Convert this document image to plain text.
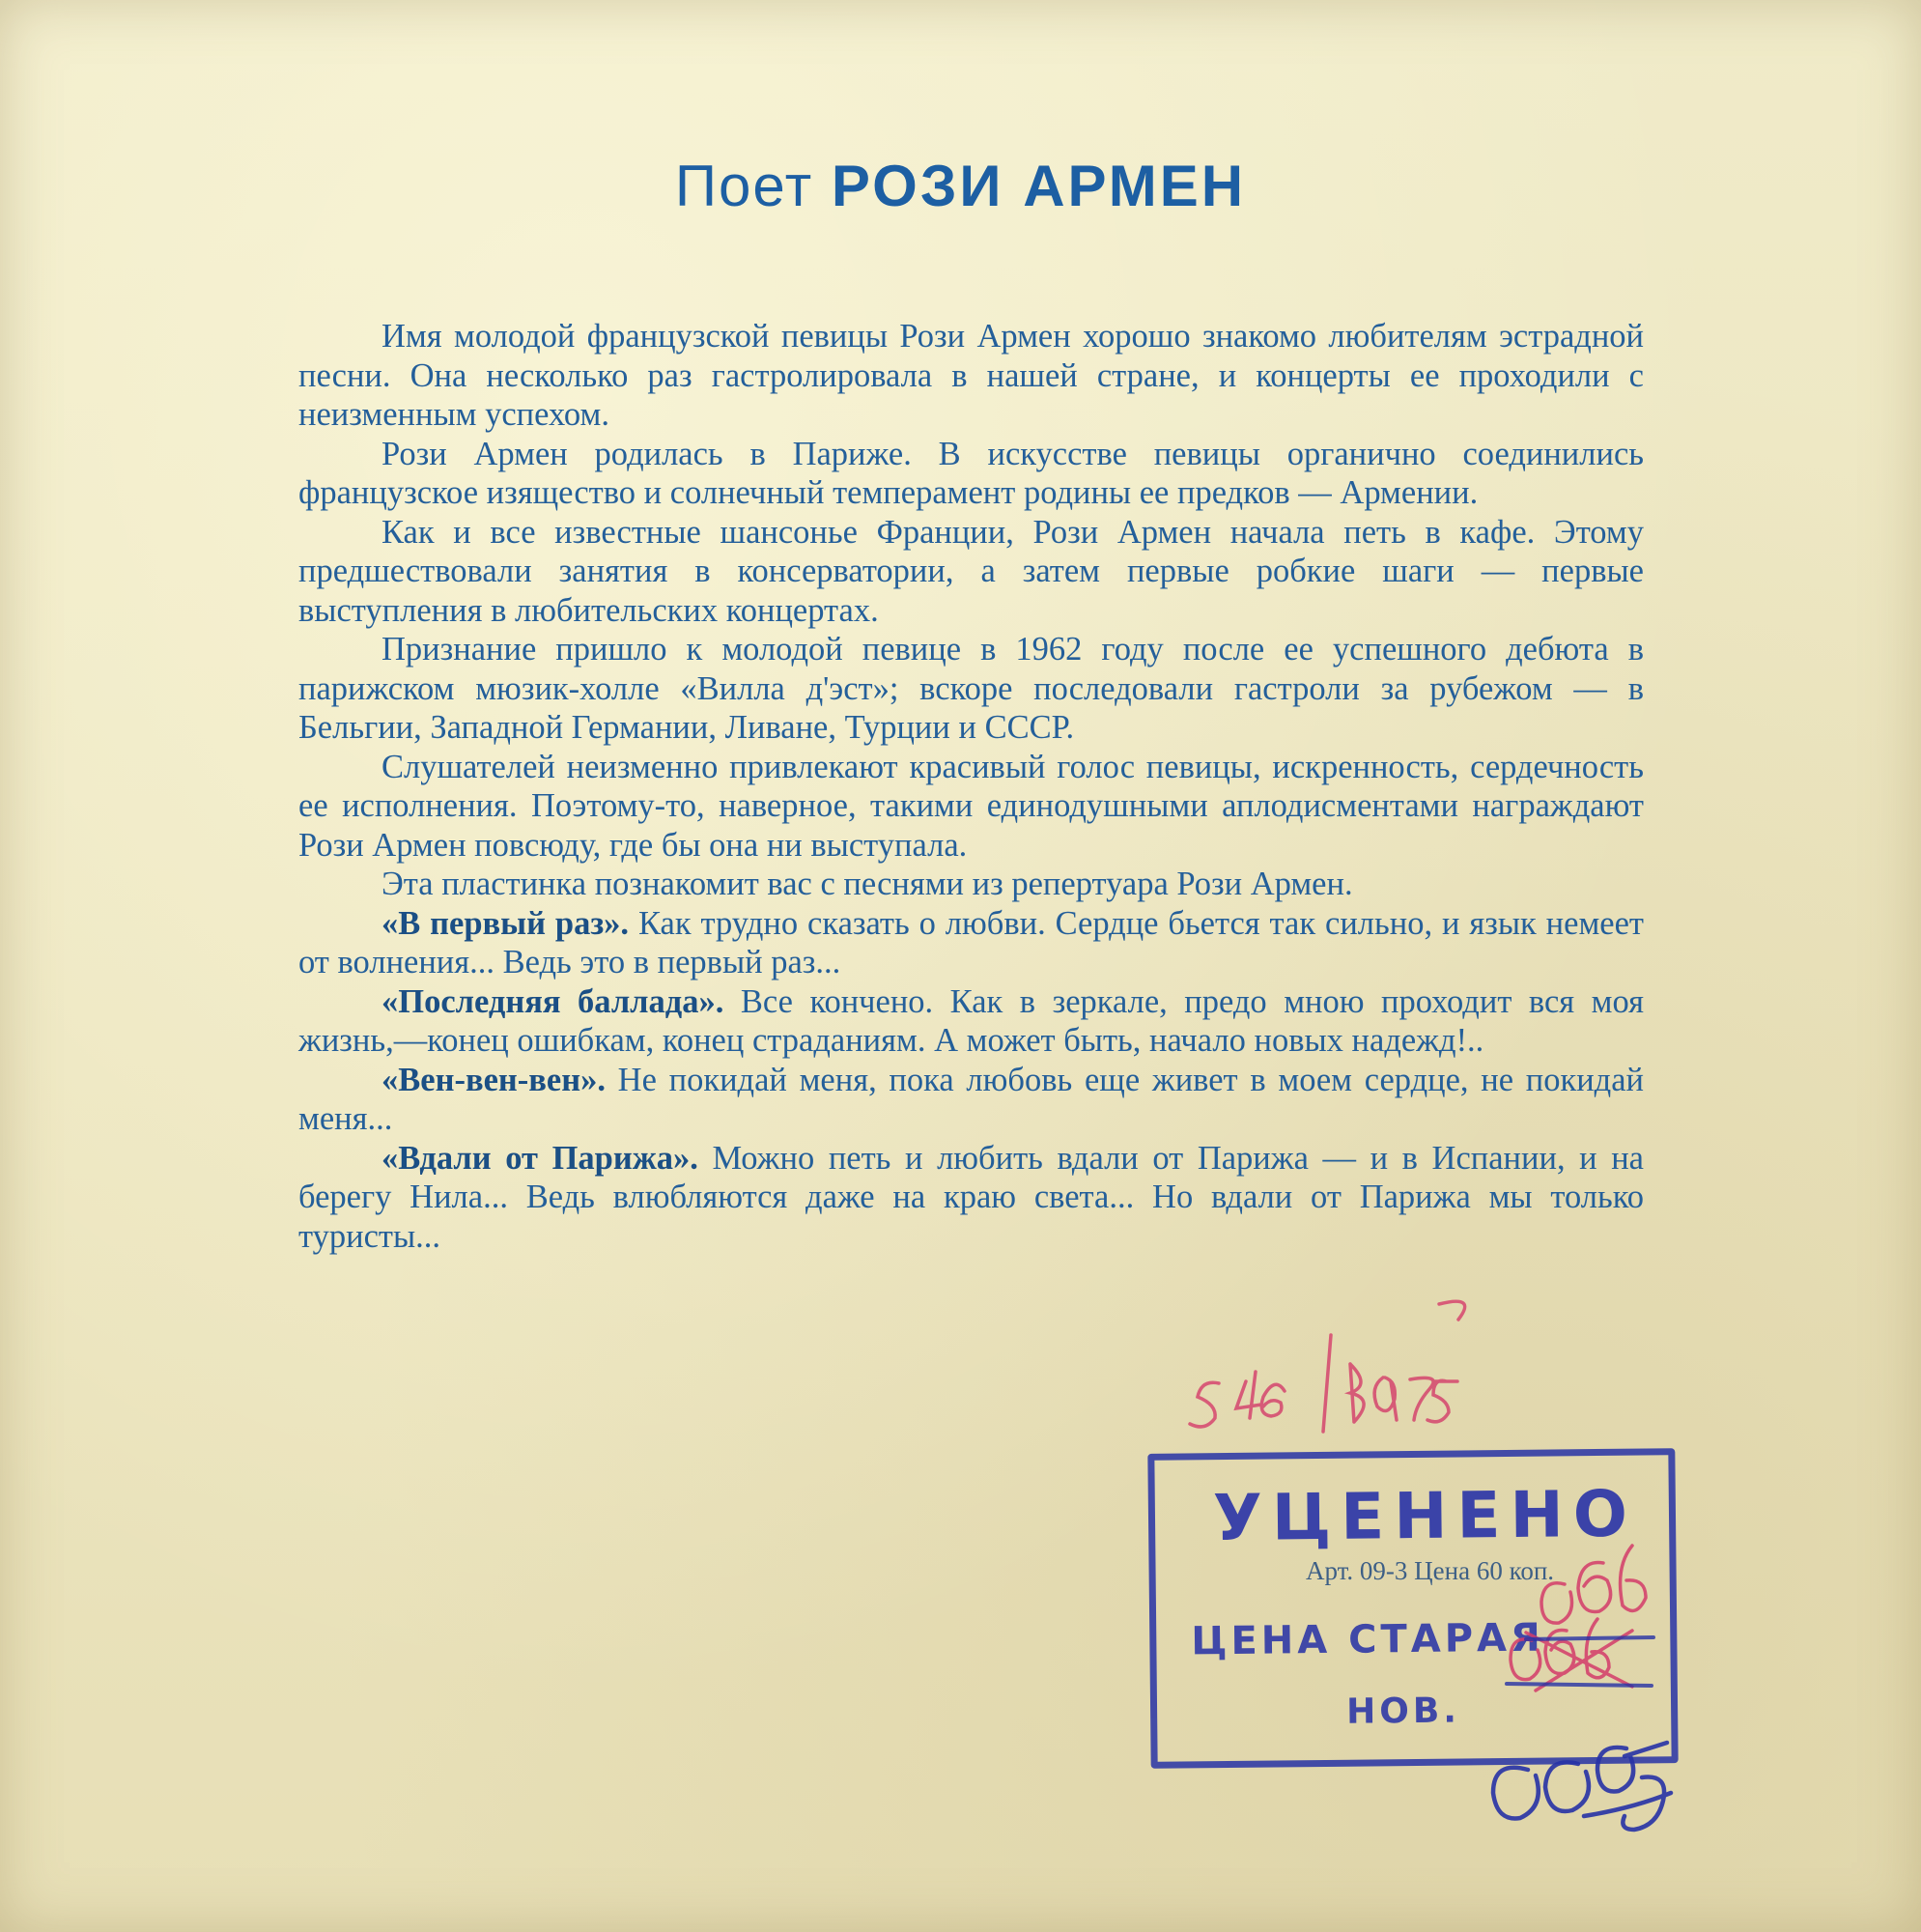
Поет РОЗИ АРМЕН

Имя молодой французской певицы Рози Армен хорошо знакомо любителям эстрадной песни. Она несколько раз гастролировала в нашей стране, и концерты ее проходили с неизменным успехом.

Рози Армен родилась в Париже. В искусстве певицы органично соединились французское изящество и солнечный темперамент родины ее предков — Армении.

Как и все известные шансонье Франции, Рози Армен начала петь в кафе. Этому предшествовали занятия в консерватории, а затем первые робкие шаги — первые выступления в любительских концертах.

Признание пришло к молодой певице в 1962 году после ее успешного дебюта в парижском мюзик-холле «Вилла д'эст»; вскоре последовали гастроли за рубежом — в Бельгии, Западной Германии, Ливане, Турции и СССР.

Слушателей неизменно привлекают красивый голос певицы, искренность, сердечность ее исполнения. Поэтому-то, наверное, такими единодушными аплодисментами награждают Рози Армен повсюду, где бы она ни выступала.

Эта пластинка познакомит вас с песнями из репертуара Рози Армен.

«В первый раз». Как трудно сказать о любви. Сердце бьется так сильно, и язык немеет от волнения... Ведь это в первый раз...

«Последняя баллада». Все кончено. Как в зеркале, предо мною проходит вся моя жизнь,—конец ошибкам, конец страданиям. А может быть, начало новых надежд!..

«Вен-вен-вен». Не покидай меня, пока любовь еще живет в моем сердце, не покидай меня...

«Вдали от Парижа». Можно петь и любить вдали от Парижа — и в Испании, и на берегу Нила... Ведь влюбляются даже на краю света... Но вдали от Парижа мы только туристы...

УЦЕНЕНО
ЦЕНА СТАРАЯ
НОВ.
Арт. 09-3 Цена 60 коп.
